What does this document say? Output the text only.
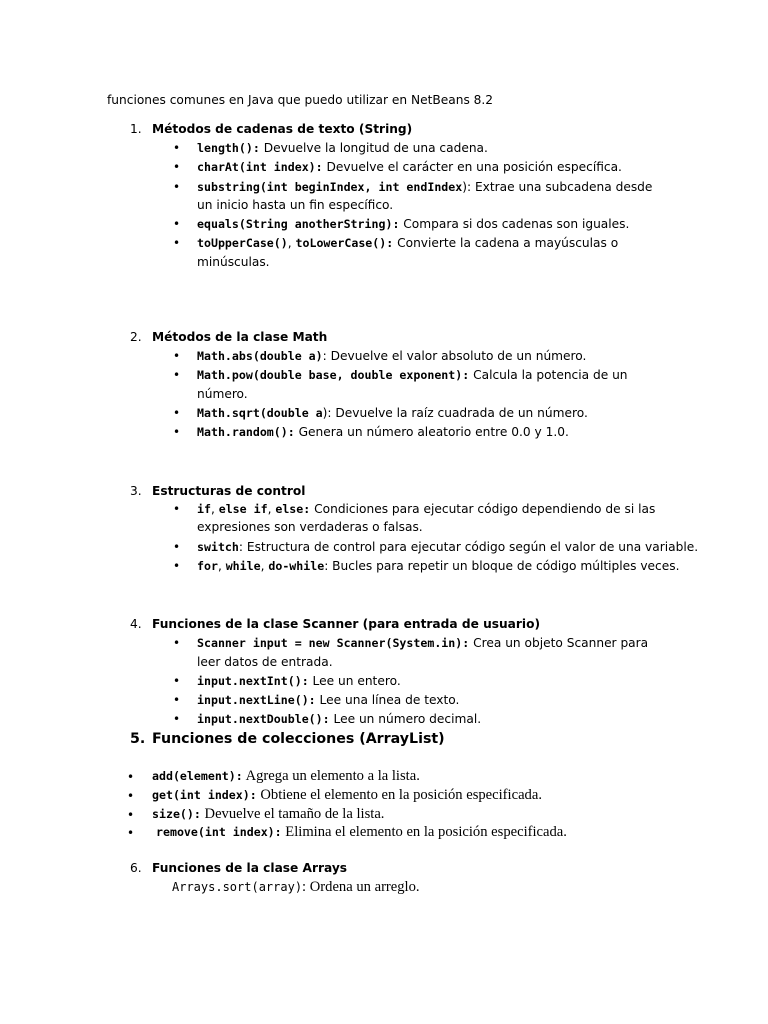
funciones comunes en Java que puedo utilizar en NetBeans 8.2
1. Métodos de cadenas de texto (String)
• length(): Devuelve la longitud de una cadena.
• charAt(int index): Devuelve el carácter en una posición específica.
• substring(int beginIndex, int endIndex): Extrae una subcadena desde
un inicio hasta un fin específico.
• equals(String anotherString): Compara si dos cadenas son iguales.
• toUpperCase(), toLowerCase(): Convierte la cadena a mayúsculas o
minúsculas.
2. Métodos de la clase Math
• Math.abs(double a): Devuelve el valor absoluto de un número.
• Math.pow(double base, double exponent): Calcula la potencia de un
número.
• Math.sqrt(double a): Devuelve la raíz cuadrada de un número.
• Math.random(): Genera un número aleatorio entre 0.0 y 1.0.
3. Estructuras de control
• if, else if, else: Condiciones para ejecutar código dependiendo de si las
expresiones son verdaderas o falsas.
• switch: Estructura de control para ejecutar código según el valor de una variable.
• for, while, do-while: Bucles para repetir un bloque de código múltiples veces.
4. Funciones de la clase Scanner (para entrada de usuario)
• Scanner input = new Scanner(System.in): Crea un objeto Scanner para
leer datos de entrada.
• input.nextInt(): Lee un entero.
• input.nextLine(): Lee una línea de texto.
• input.nextDouble(): Lee un número decimal.
5. Funciones de colecciones (ArrayList)
• add(element): Agrega un elemento a la lista.
• get(int index): Obtiene el elemento en la posición especificada.
• size(): Devuelve el tamaño de la lista.
• remove(int index): Elimina el elemento en la posición especificada.
6. Funciones de la clase Arrays
Arrays.sort(array): Ordena un arreglo.
